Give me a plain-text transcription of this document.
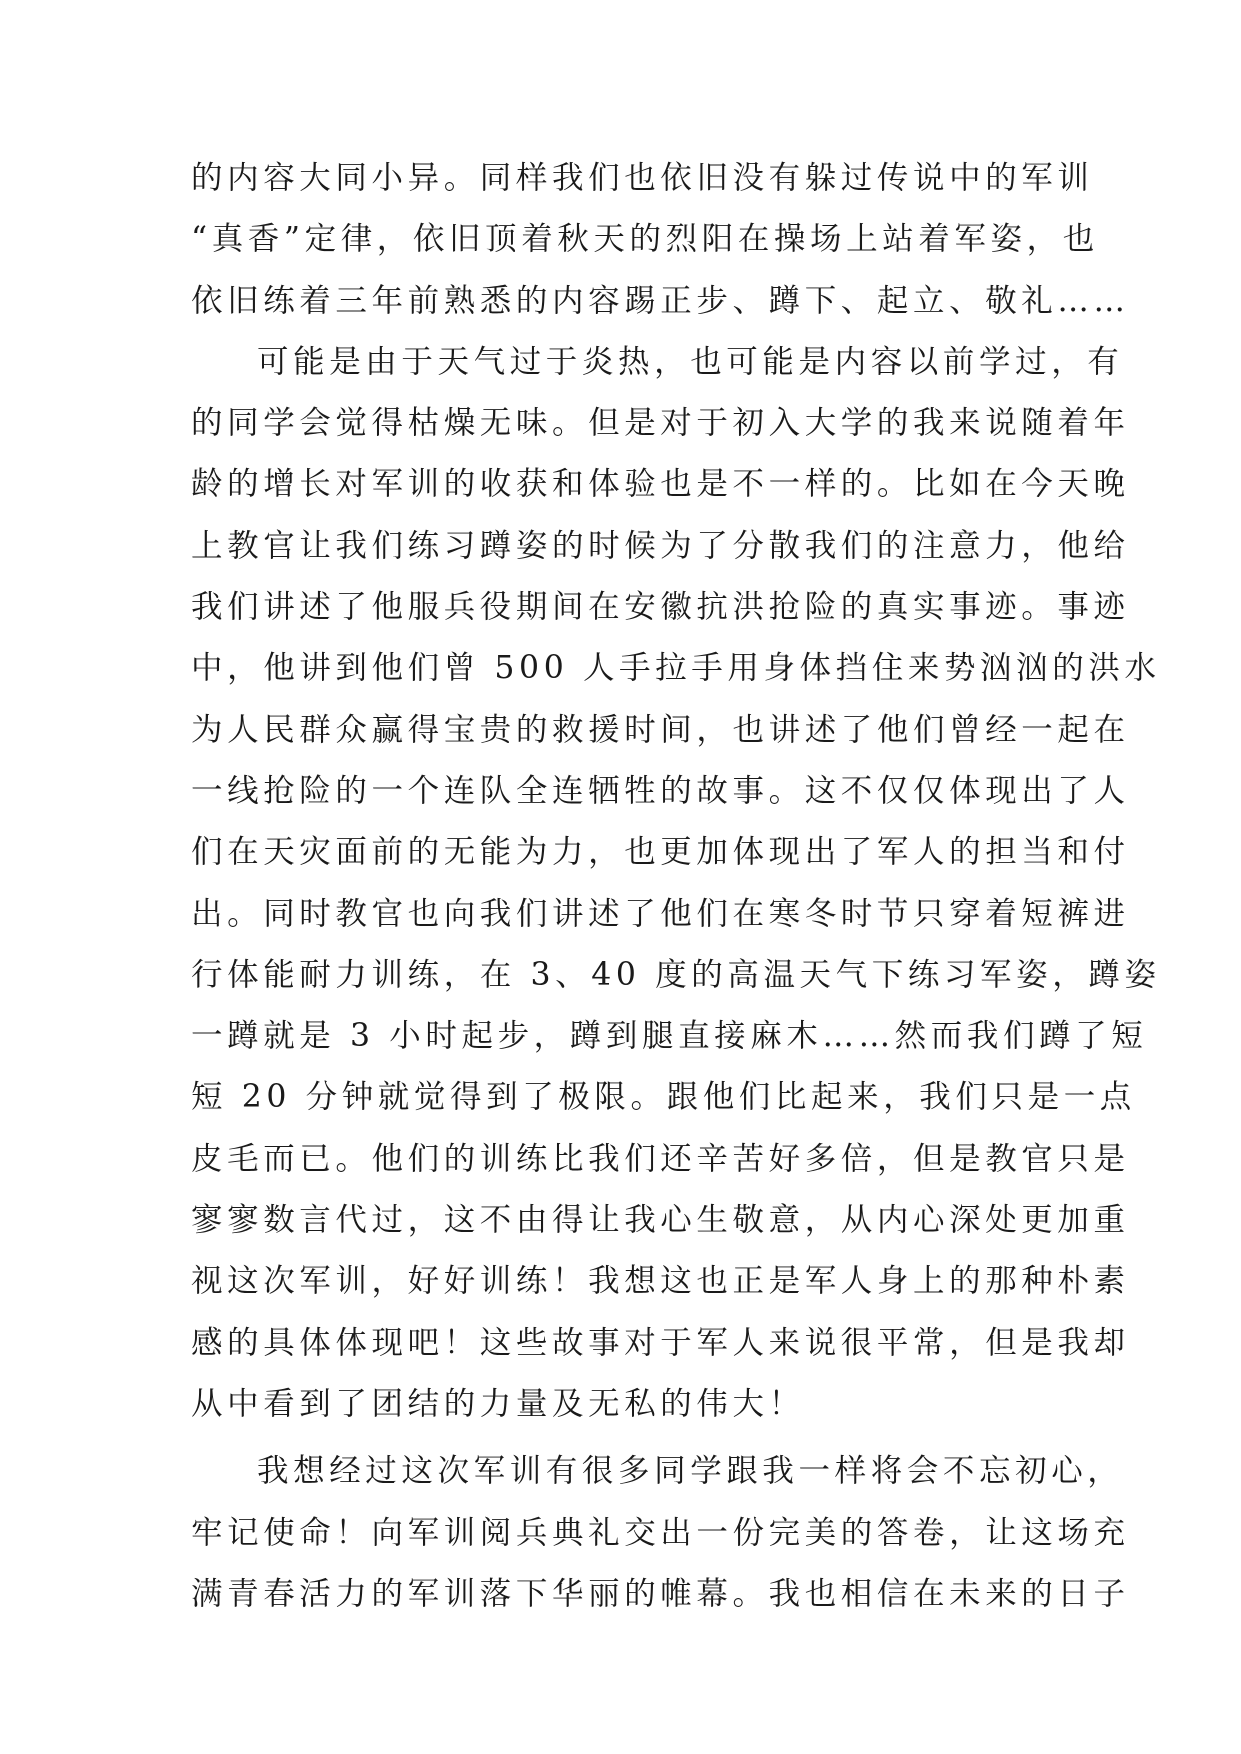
的内容大同小异。同样我们也依旧没有躲过传说中的军训
“真香”定律，依旧顶着秋天的烈阳在操场上站着军姿，也
依旧练着三年前熟悉的内容踢正步、蹲下、起立、敬礼……
可能是由于天气过于炎热，也可能是内容以前学过，有
的同学会觉得枯燥无味。但是对于初入大学的我来说随着年
龄的增长对军训的收获和体验也是不一样的。比如在今天晚
上教官让我们练习蹲姿的时候为了分散我们的注意力，他给
我们讲述了他服兵役期间在安徽抗洪抢险的真实事迹。事迹
中，他讲到他们曾 500 人手拉手用身体挡住来势汹汹的洪水
为人民群众赢得宝贵的救援时间，也讲述了他们曾经一起在
一线抢险的一个连队全连牺牲的故事。这不仅仅体现出了人
们在天灾面前的无能为力，也更加体现出了军人的担当和付
出。同时教官也向我们讲述了他们在寒冬时节只穿着短裤进
行体能耐力训练，在 3、40 度的高温天气下练习军姿，蹲姿
一蹲就是 3 小时起步，蹲到腿直接麻木……然而我们蹲了短
短 20 分钟就觉得到了极限。跟他们比起来，我们只是一点
皮毛而已。他们的训练比我们还辛苦好多倍，但是教官只是
寥寥数言代过，这不由得让我心生敬意，从内心深处更加重
视这次军训，好好训练！我想这也正是军人身上的那种朴素
感的具体体现吧！这些故事对于军人来说很平常，但是我却
从中看到了团结的力量及无私的伟大！
我想经过这次军训有很多同学跟我一样将会不忘初心，
牢记使命！向军训阅兵典礼交出一份完美的答卷，让这场充
满青春活力的军训落下华丽的帷幕。我也相信在未来的日子
